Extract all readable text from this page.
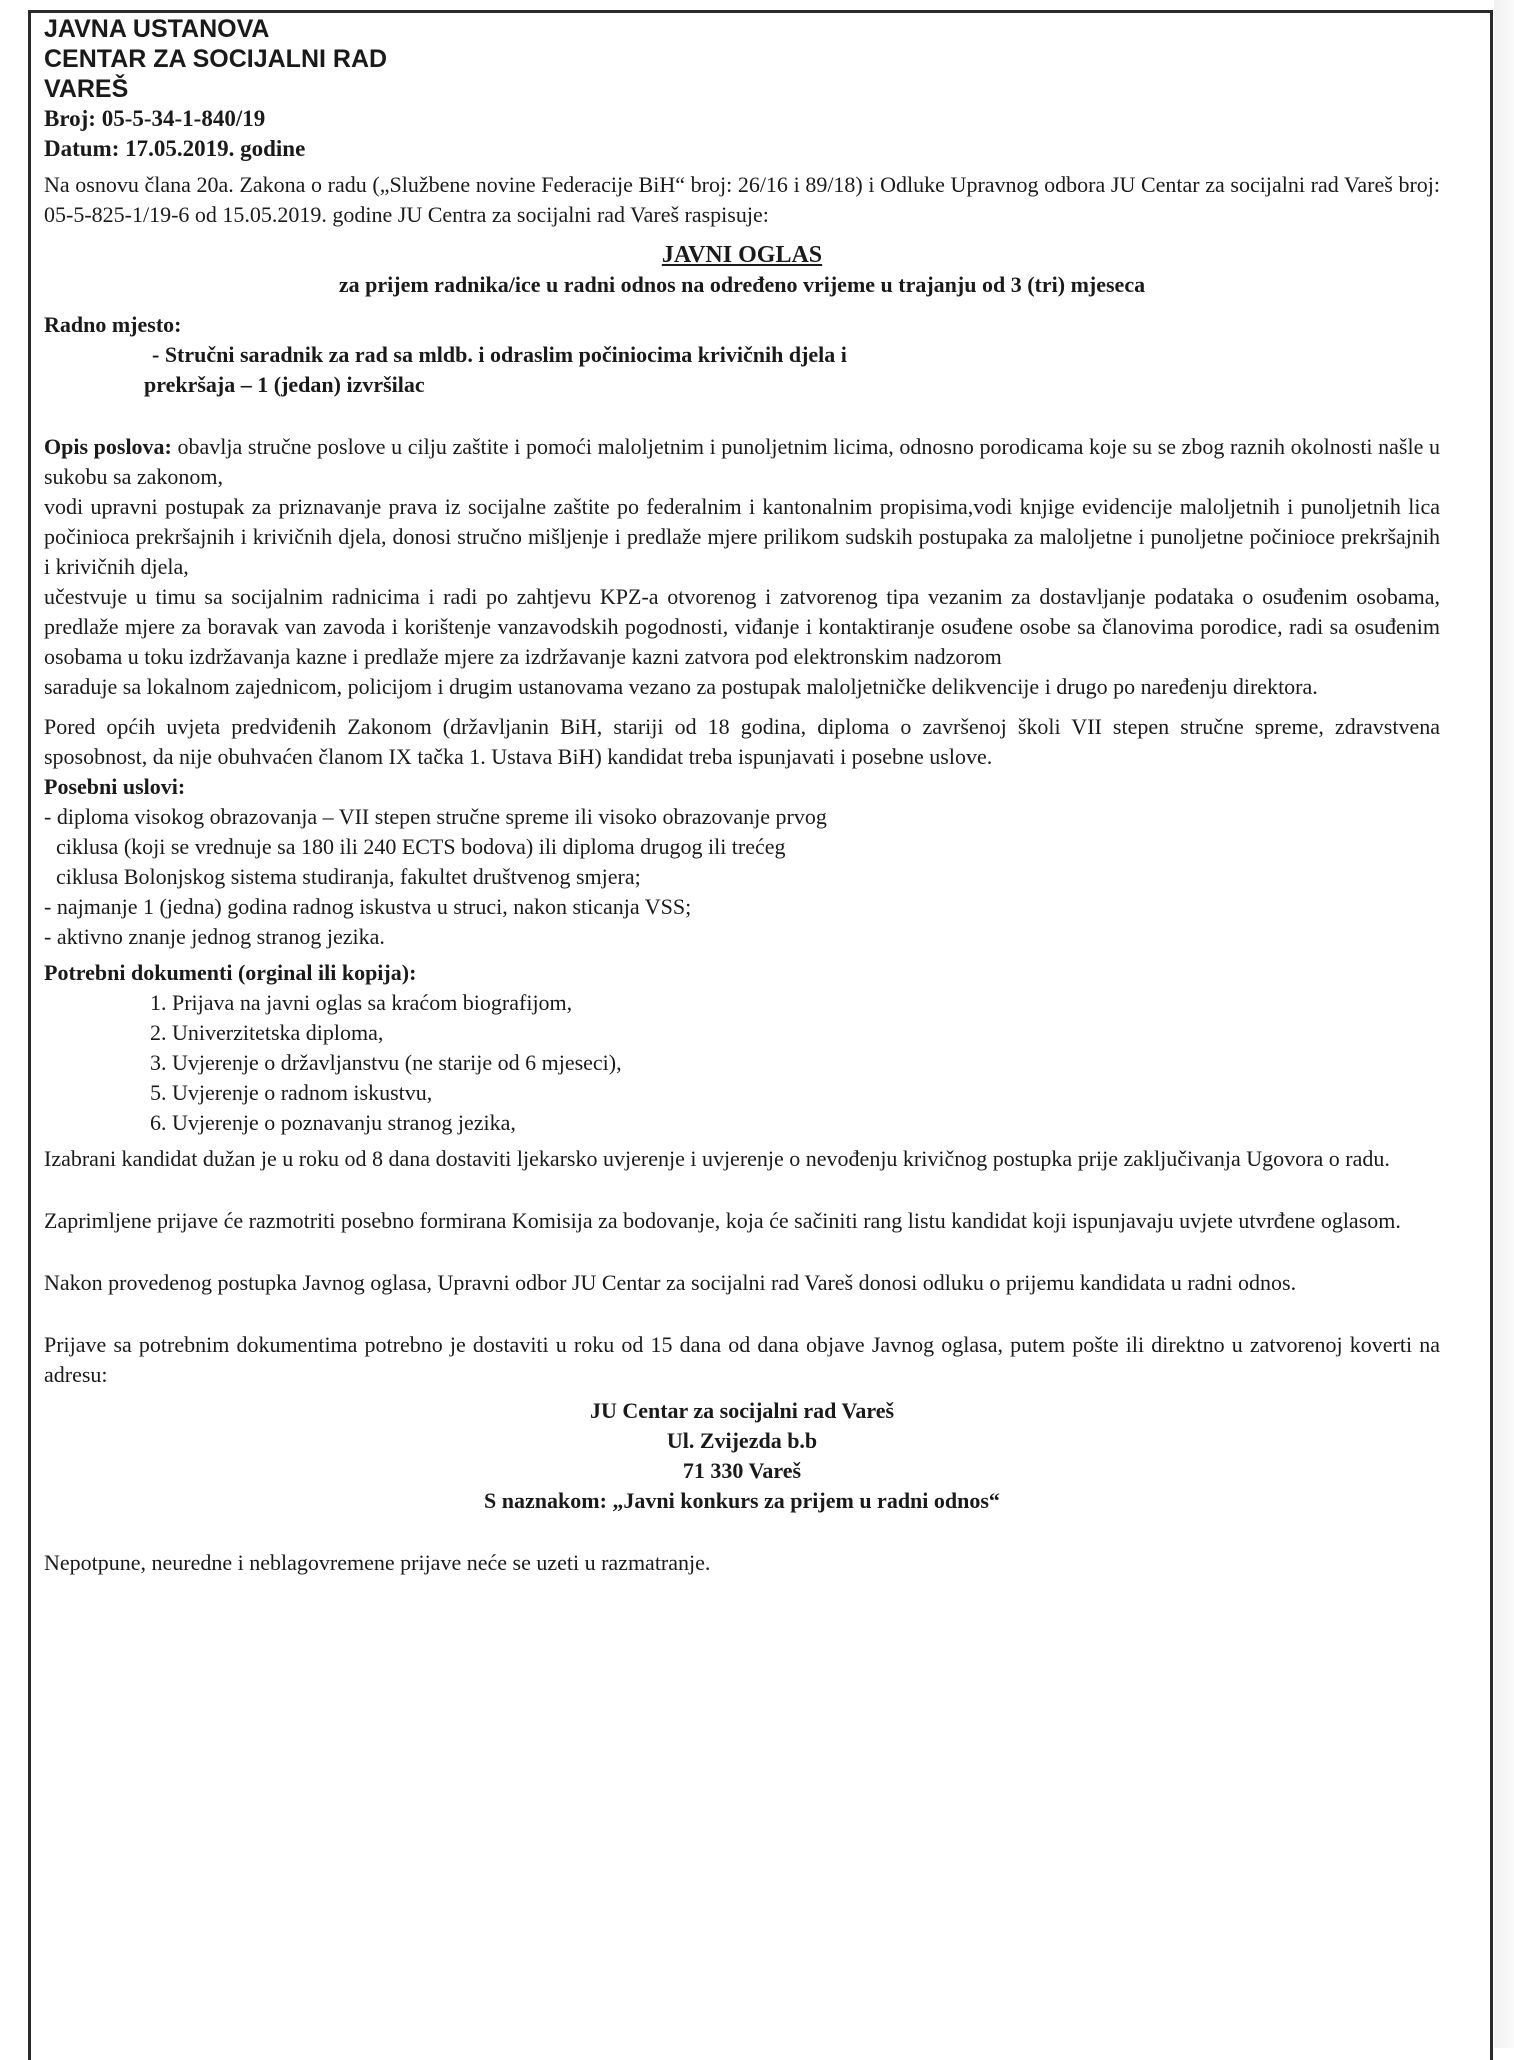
JAVNA USTANOVA
CENTAR ZA SOCIJALNI RAD
VAREŠ
Broj: 05-5-34-1-840/19
Datum: 17.05.2019. godine

Na osnovu člana 20a. Zakona o radu („Službene novine Federacije BiH“ broj: 26/16 i 89/18) i Odluke Upravnog odbora JU Centar za socijalni rad Vareš broj: 05-5-825-1/19-6 od 15.05.2019. godine JU Centra za socijalni rad Vareš raspisuje:

JAVNI OGLAS
za prijem radnika/ice u radni odnos na određeno vrijeme u trajanju od 3 (tri) mjeseca
Radno mjesto:
- Stručni saradnik za rad sa mldb. i odraslim počiniocima krivičnih djela i
prekršaja – 1 (jedan) izvršilac

Opis poslova: obavlja stručne poslove u cilju zaštite i pomoći maloljetnim i punoljetnim licima, odnosno porodicama koje su se zbog raznih okolnosti našle u sukobu sa zakonom,

vodi upravni postupak za priznavanje prava iz socijalne zaštite po federalnim i kantonalnim propisima,vodi knjige evidencije maloljetnih i punoljetnih lica počinioca prekršajnih i krivičnih djela, donosi stručno mišljenje i predlaže mjere prilikom sudskih postupaka za maloljetne i punoljetne počinioce prekršajnih i krivičnih djela,

učestvuje u timu sa socijalnim radnicima i radi po zahtjevu KPZ-a otvorenog i zatvorenog tipa vezanim za dostavljanje podataka o osuđenim osobama, predlaže mjere za boravak van zavoda i korištenje vanzavodskih pogodnosti, viđanje i kontaktiranje osuđene osobe sa članovima porodice, radi sa osuđenim osobama u toku izdržavanja kazne i predlaže mjere za izdržavanje kazni zatvora pod elektronskim nadzorom

saraduje sa lokalnom zajednicom, policijom i drugim ustanovama vezano za postupak maloljetničke delikvencije i drugo po naređenju direktora.

Pored općih uvjeta predviđenih Zakonom (državljanin BiH, stariji od 18 godina, diploma o završenoj školi VII stepen stručne spreme, zdravstvena sposobnost, da nije obuhvaćen članom IX tačka 1. Ustava BiH) kandidat treba ispunjavati i posebne uslove.

Posebni uslovi:
- diploma visokog obrazovanja – VII stepen stručne spreme ili visoko obrazovanje prvog
ciklusa (koji se vrednuje sa 180 ili 240 ECTS bodova) ili diploma drugog ili trećeg
ciklusa Bolonjskog sistema studiranja, fakultet društvenog smjera;
- najmanje 1 (jedna) godina radnog iskustva u struci, nakon sticanja VSS;
- aktivno znanje jednog stranog jezika.
Potrebni dokumenti (orginal ili kopija):
1. Prijava na javni oglas sa kraćom biografijom,
2. Univerzitetska diploma,
3. Uvjerenje o državljanstvu (ne starije od 6 mjeseci),
5. Uvjerenje o radnom iskustvu,
6. Uvjerenje o poznavanju stranog jezika,

Izabrani kandidat dužan je u roku od 8 dana dostaviti ljekarsko uvjerenje i uvjerenje o nevođenju krivičnog postupka prije zaključivanja Ugovora o radu.

Zaprimljene prijave će razmotriti posebno formirana Komisija za bodovanje, koja će sačiniti rang listu kandidat koji ispunjavaju uvjete utvrđene oglasom.

Nakon provedenog postupka Javnog oglasa, Upravni odbor JU Centar za socijalni rad Vareš donosi odluku o prijemu kandidata u radni odnos.

Prijave sa potrebnim dokumentima potrebno je dostaviti u roku od 15 dana od dana objave Javnog oglasa, putem pošte ili direktno u zatvorenoj koverti na adresu:

JU Centar za socijalni rad Vareš
Ul. Zvijezda b.b
71 330 Vareš
S naznakom: „Javni konkurs za prijem u radni odnos“

Nepotpune, neuredne i neblagovremene prijave neće se uzeti u razmatranje.
